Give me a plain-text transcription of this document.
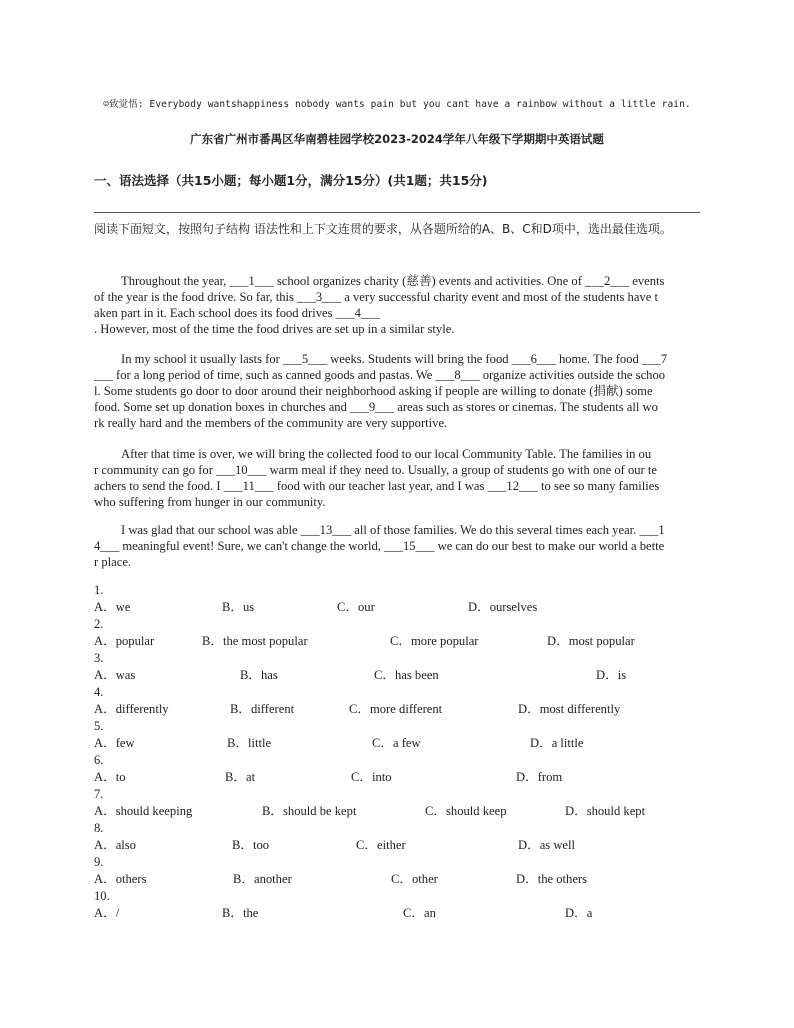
☺致觉悟: Everybody wantshappiness nobody wants pain but you cant have a rainbow without a little rain.
广东省广州市番禺区华南碧桂园学校2023-2024学年八年级下学期期中英语试题
一、语法选择（共15小题；每小题1分，满分15分）(共1题；共15分)
阅读下面短文，按照句子结构 语法性和上下文连贯的要求，从各题所给的A、B、C和D项中，选出最佳选项。
Throughout the year, ___1___ school organizes charity (慈善) events and activities. One of ___2___ events
of the year is the food drive. So far, this ___3___ a very successful charity event and most of the students have t
aken part in it. Each school does its food drives ___4___
. However, most of the time the food drives are set up in a similar style.
In my school it usually lasts for ___5___ weeks. Students will bring the food ___6___ home. The food ___7
___ for a long period of time, such as canned goods and pastas. We ___8___ organize activities outside the schoo
l. Some students go door to door around their neighborhood asking if people are willing to donate (捐献) some
food. Some set up donation boxes in churches and ___9___ areas such as stores or cinemas. The students all wo
rk really hard and the members of the community are very supportive.
After that time is over, we will bring the collected food to our local Community Table. The families in ou
r community can go for ___10___ warm meal if they need to. Usually, a group of students go with one of our te
achers to send the food. I ___11___ food with our teacher last year, and I was ___12___ to see so many families
who suffering from hunger in our community.
I was glad that our school was able ___13___ all of those families. We do this several times each year. ___1
4___ meaningful event! Sure, we can't change the world, ___15___ we can do our best to make our world a bette
r place.
1.
A．we	B．us	C．our	D．ourselves
2.
A．popular	B．the most popular	C．more popular	D．most popular
3.
A．was	B．has	C．has been	D．is
4.
A．differently	B．different	C．more different	D．most differently
5.
A．few	B．little	C．a few	D．a little
6.
A．to	B．at	C．into	D．from
7.
A．should keeping	B．should be kept	C．should keep	D．should kept
8.
A．also	B．too	C．either	D．as well
9.
A．others	B．another	C．other	D．the others
10.
A．/	B．the	C．an	D．a
